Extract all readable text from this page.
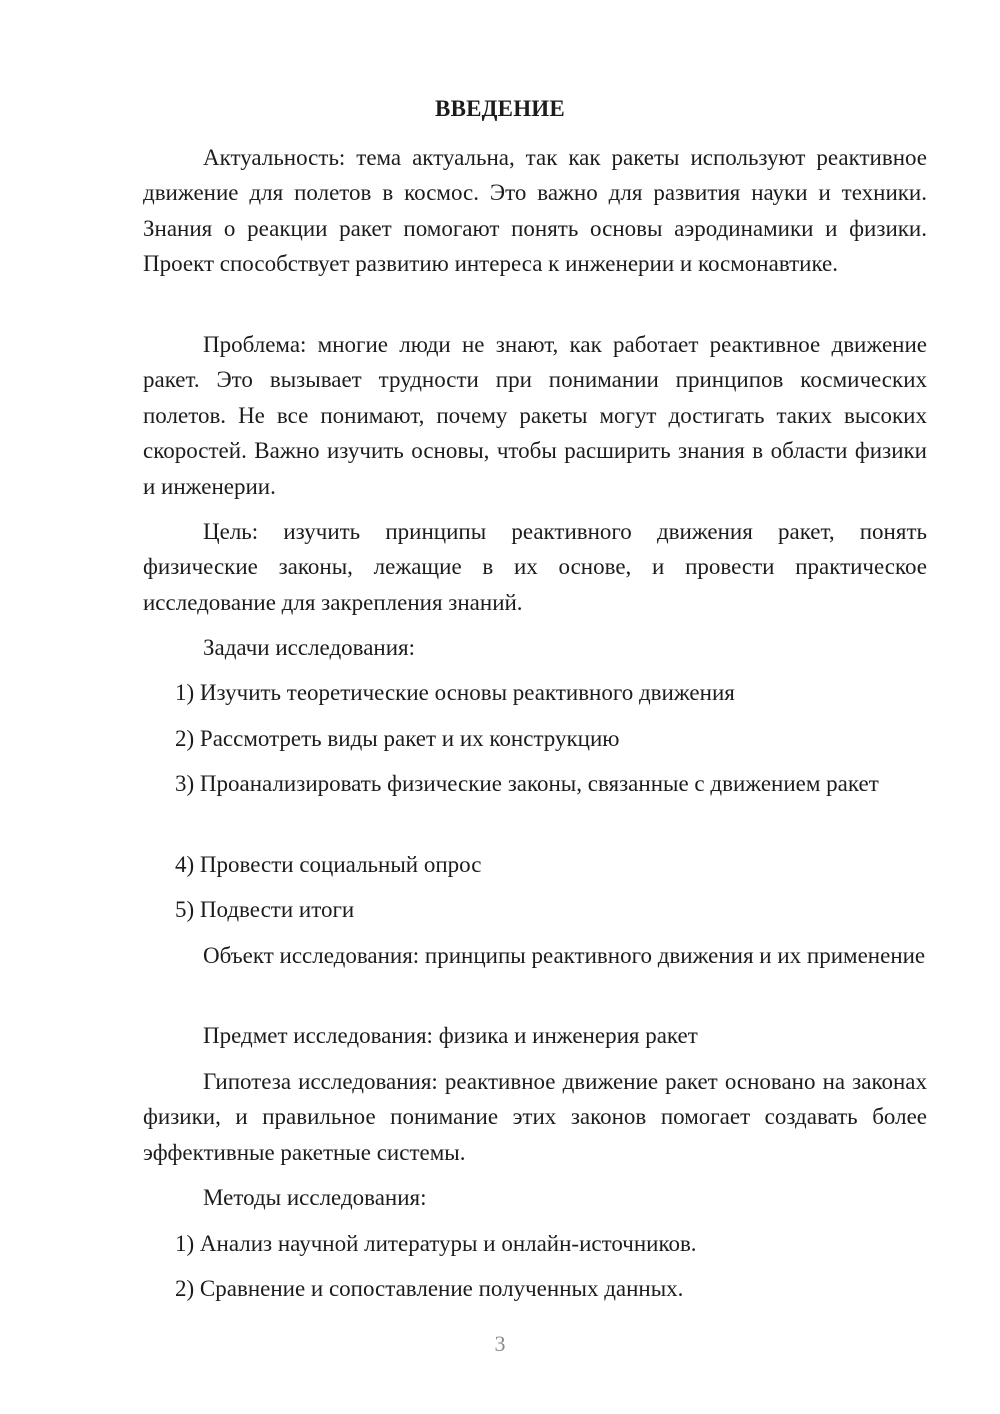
ВВЕДЕНИЕ

Актуальность: тема актуальна, так как ракеты используют реактивное движение для полетов в космос. Это важно для развития науки и техники. Знания о реакции ракет помогают понять основы аэродинамики и физики. Проект способствует развитию интереса к инженерии и космонавтике.

Проблема: многие люди не знают, как работает реактивное движение ракет. Это вызывает трудности при понимании принципов космических полетов. Не все понимают, почему ракеты могут достигать таких высоких скоростей. Важно изучить основы, чтобы расширить знания в области физики и инженерии.

Цель: изучить принципы реактивного движения ракет, понять физические законы, лежащие в их основе, и провести практическое исследование для закрепления знаний.

Задачи исследования:

1) Изучить теоретические основы реактивного движения

2) Рассмотреть виды ракет и их конструкцию

3) Проанализировать физические законы, связанные с движением ракет

4) Провести социальный опрос

5) Подвести итоги

Объект исследования: принципы реактивного движения и их применение

Предмет исследования: физика и инженерия ракет

Гипотеза исследования: реактивное движение ракет основано на законах физики, и правильное понимание этих законов помогает создавать более эффективные ракетные системы.

Методы исследования:

1) Анализ научной литературы и онлайн-источников.

2) Сравнение и сопоставление полученных данных.

3
